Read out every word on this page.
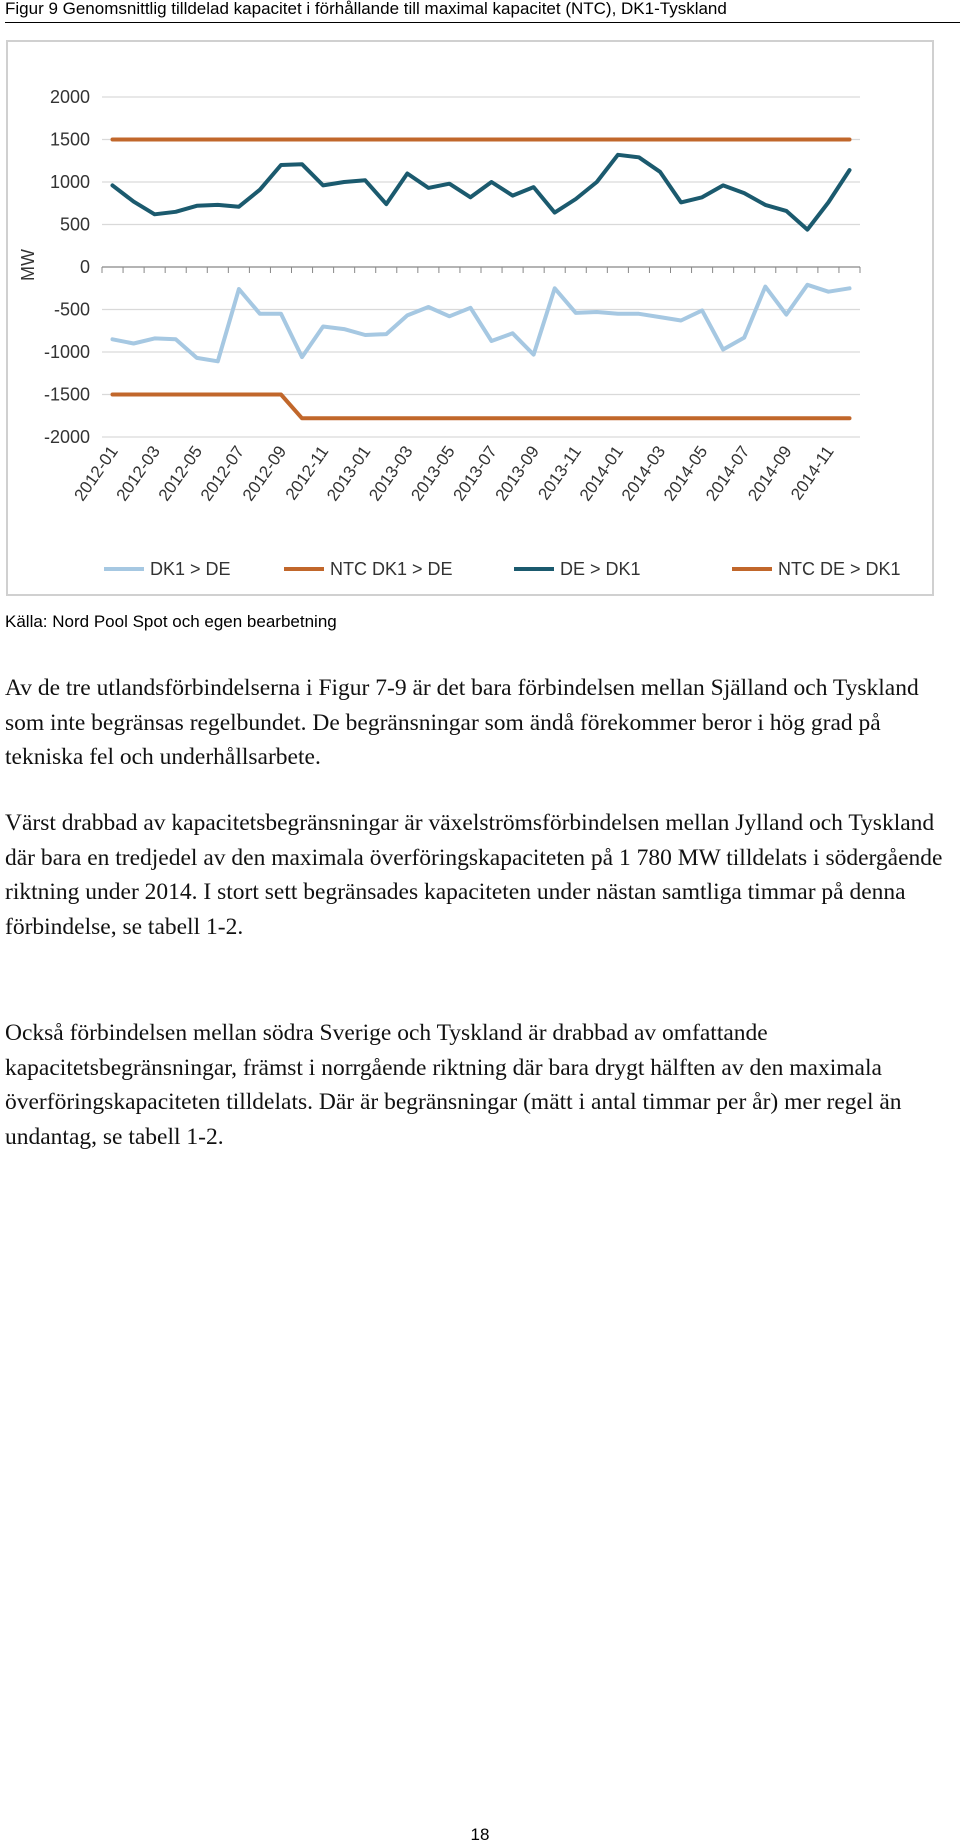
Figur 9 Genomsnittlig tilldelad kapacitet i förhållande till maximal kapacitet (NTC), DK1-Tyskland
2000
1500
1000
500
0
-500
-1000
-1500
-2000
MW
2012-01
2012-03
2012-05
2012-07
2012-09
2012-11
2013-01
2013-03
2013-05
2013-07
2013-09
2013-11
2014-01
2014-03
2014-05
2014-07
2014-09
2014-11
DK1 > DE	NTC DK1 > DE	DE > DK1	NTC DE > DK1
Källa: Nord Pool Spot och egen bearbetning

Av de tre utlandsförbindelserna i Figur 7-9 är det bara förbindelsen mellan Själland och Tyskland som inte begränsas regelbundet. De begränsningar som ändå förekommer beror i hög grad på tekniska fel och underhållsarbete.

Värst drabbad av kapacitetsbegränsningar är växelströmsförbindelsen mellan Jylland och Tyskland där bara en tredjedel av den maximala överföringskapaciteten på 1 780 MW tilldelats i södergående riktning under 2014. I stort sett begränsades kapaciteten under nästan samtliga timmar på denna förbindelse, se tabell 1-2.

Också förbindelsen mellan södra Sverige och Tyskland är drabbad av omfattande kapacitetsbegränsningar, främst i norrgående riktning där bara drygt hälften av den maximala överföringskapaciteten tilldelats. Där är begränsningar (mätt i antal timmar per år) mer regel än undantag, se tabell 1-2.

18
